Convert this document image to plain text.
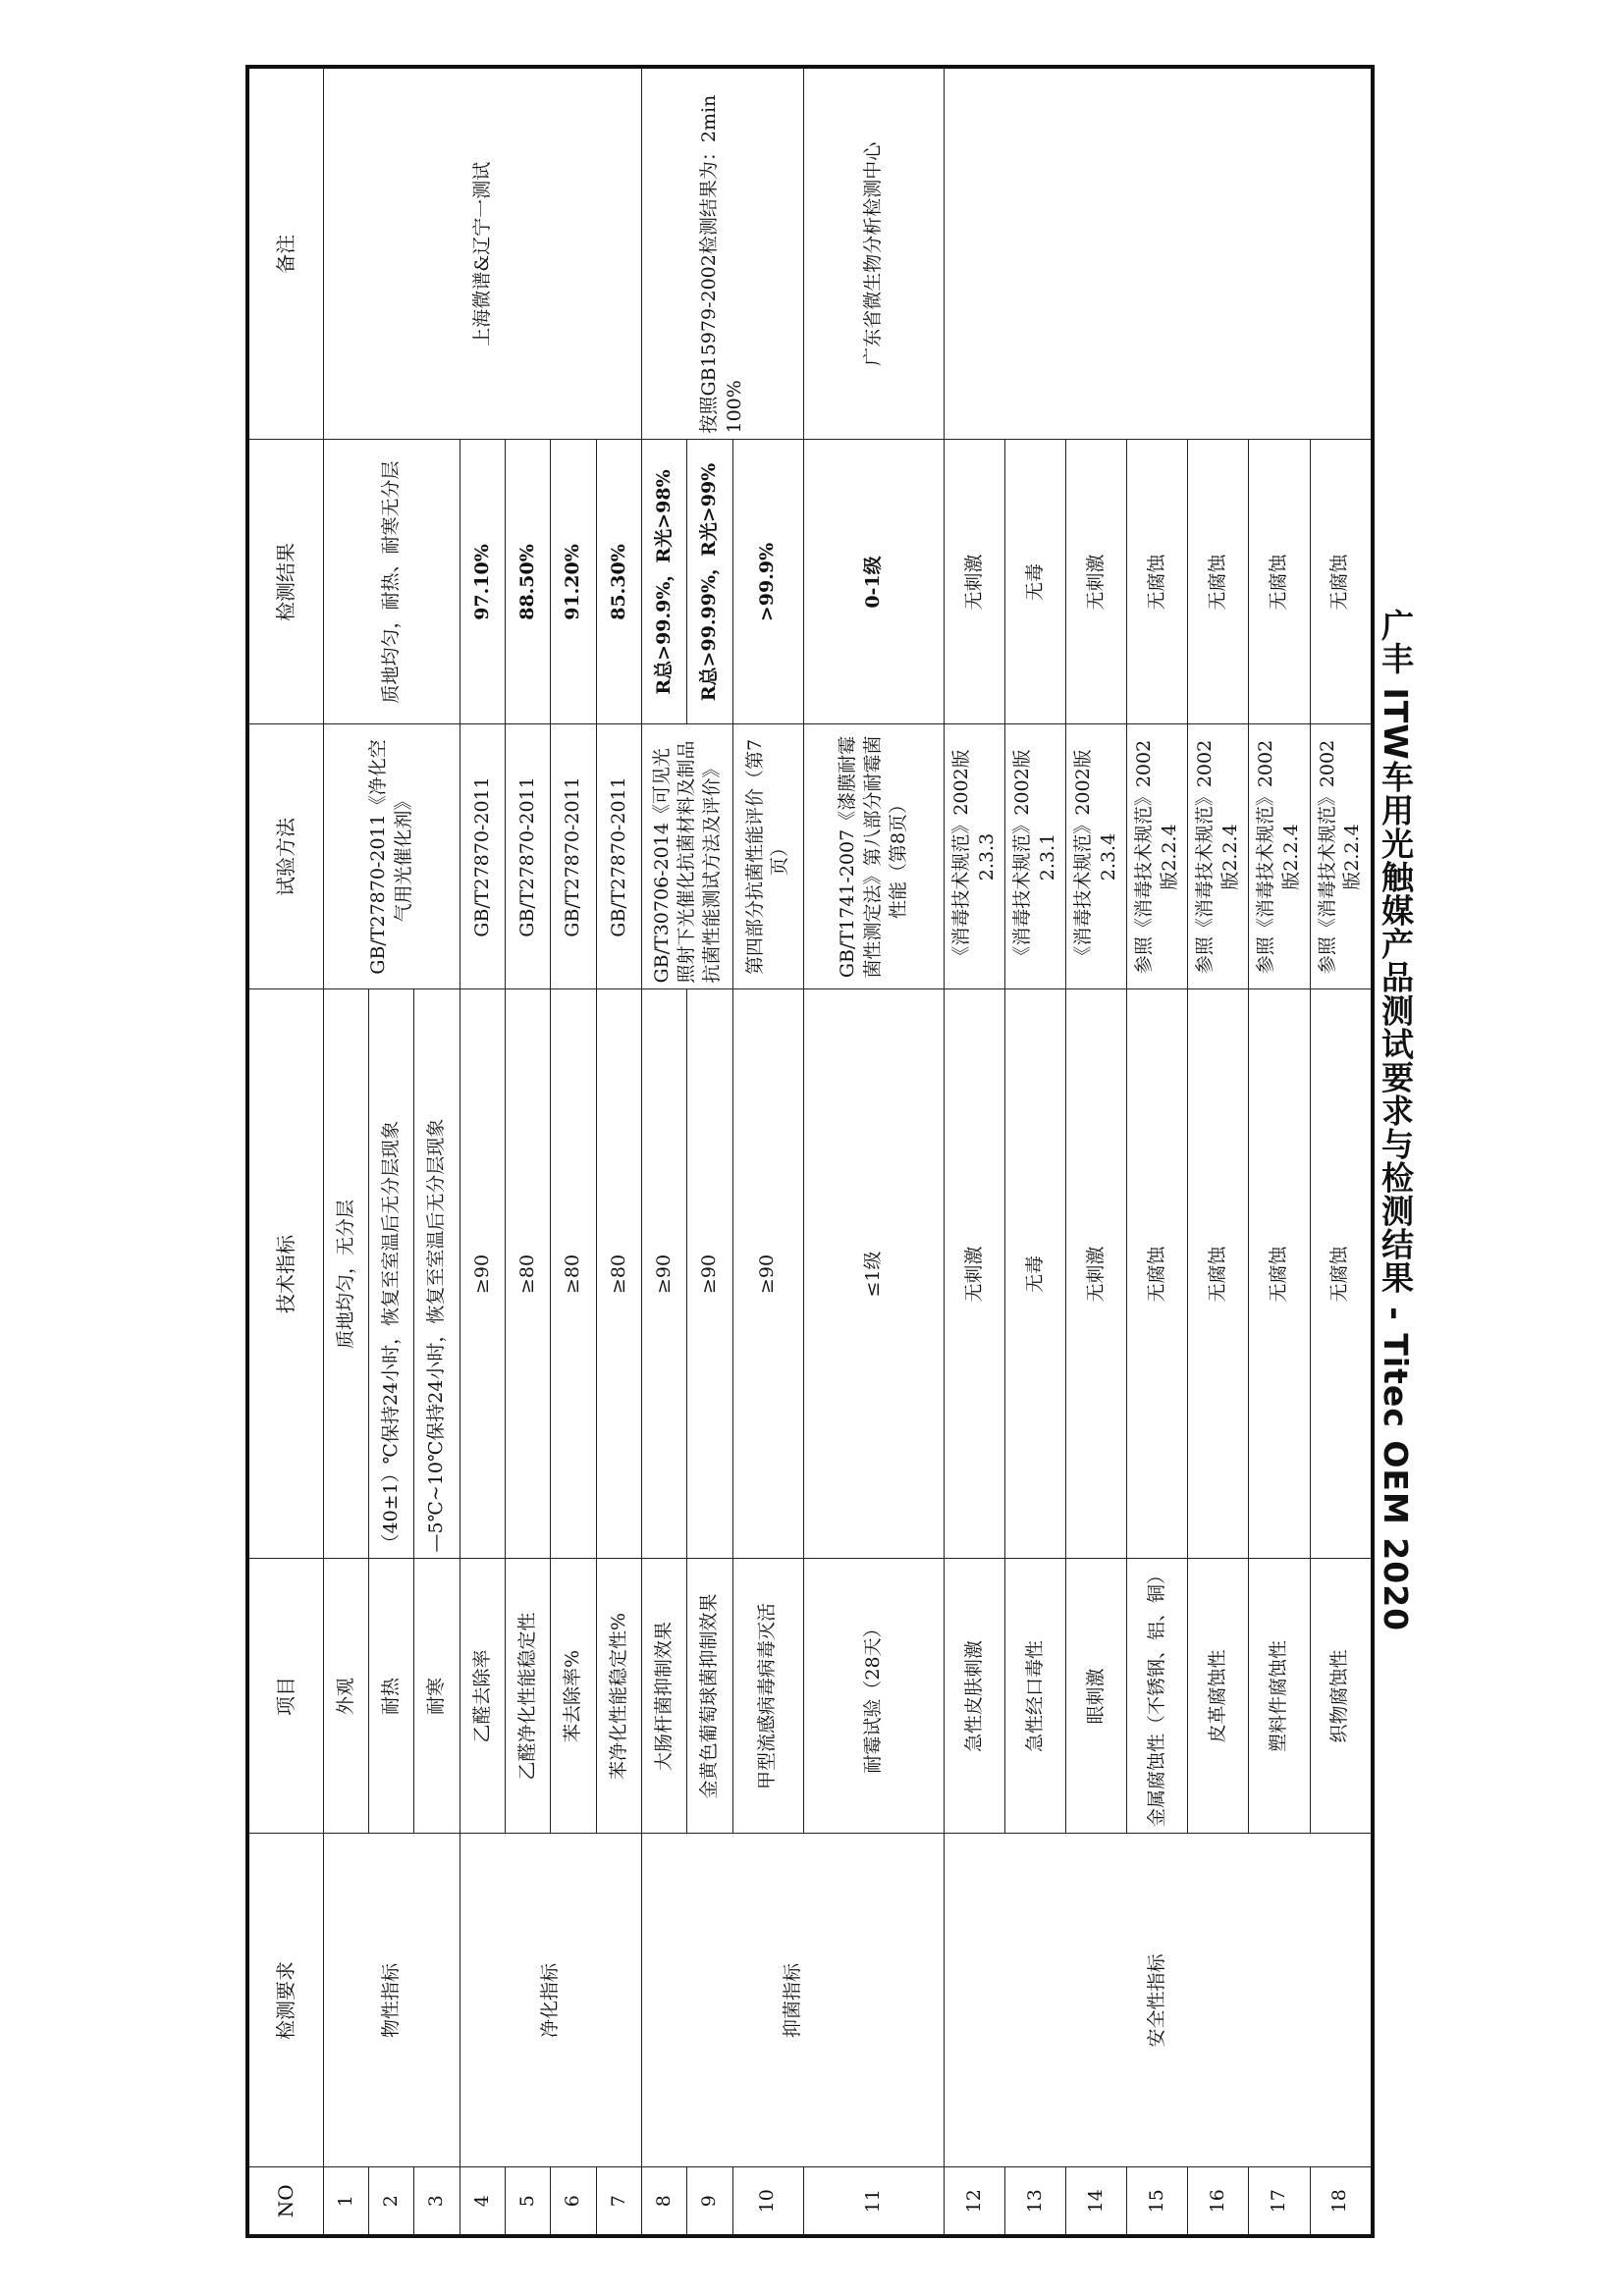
广丰 ITW车用光触媒产品测试要求与检测结果 - Titec OEM 2020
NO	检测要求	项目	技术指标	试验方法	检测结果	备注
1	物性指标	外观	质地均匀，无分层	GB/T27870-2011《净化空气用光催化剂》	质地均匀，耐热、耐寒无分层	上海微谱&辽宁一测试
2		耐热	（40±1）℃保持24小时，恢复至室温后无分层现象			
3		耐寒	—5℃~10℃保持24小时，恢复至室温后无分层现象			
4	净化指标	乙醛去除率	≥90	GB/T27870-2011	97.10%	
5		乙醛净化性能稳定性	≥80	GB/T27870-2011	88.50%	
6		苯去除率%	≥80	GB/T27870-2011	91.20%	
7		苯净化性能稳定性%	≥80	GB/T27870-2011	85.30%	
8	抑菌指标	大肠杆菌抑制效果	≥90	GB/T30706-2014《可见光照射下光催化抗菌材料及制品抗菌性能测试方法及评价》	R总>99.9%，R光>98%	按照GB15979-2002检测结果为：2min 100%
9		金黄色葡萄球菌抑制效果	≥90		R总>99.99%，R光>99%	
10		甲型流感病毒病毒灭活	≥90	第四部分抗菌性能评价（第7页）	>99.9%	
11		耐霉试验（28天）	≤1级	GB/T1741-2007《漆膜耐霉菌性测定法》第八部分耐霉菌性能（第8页）	0-1级	广东省微生物分析检测中心
12	安全性指标	急性皮肤刺激	无刺激	《消毒技术规范》2002版2.3.3	无刺激	
13		急性经口毒性	无毒	《消毒技术规范》2002版2.3.1	无毒	
14		眼刺激	无刺激	《消毒技术规范》2002版2.3.4	无刺激	
15		金属腐蚀性（不锈钢、铝、铜）	无腐蚀	参照《消毒技术规范》2002版2.2.4	无腐蚀	
16		皮革腐蚀性	无腐蚀	参照《消毒技术规范》2002版2.2.4	无腐蚀	
17		塑料件腐蚀性	无腐蚀	参照《消毒技术规范》2002版2.2.4	无腐蚀	
18		织物腐蚀性	无腐蚀	参照《消毒技术规范》2002版2.2.4	无腐蚀	
